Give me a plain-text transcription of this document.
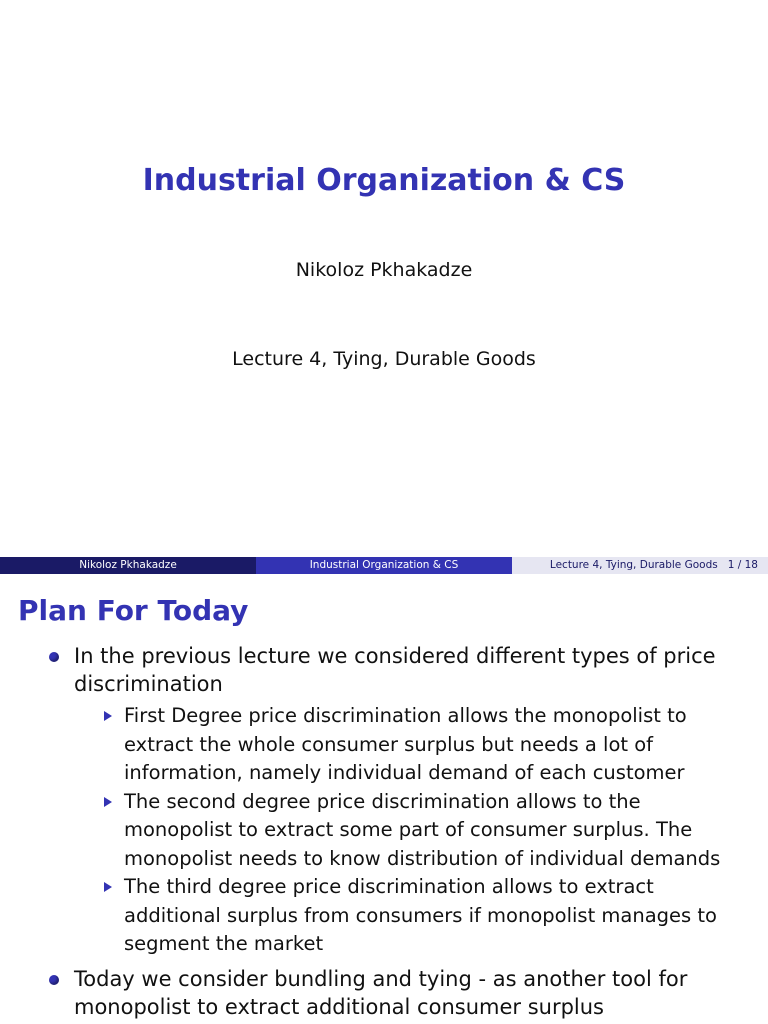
Industrial Organization & CS
Nikoloz Pkhakadze
Lecture 4, Tying, Durable Goods
Nikoloz Pkhakadze	Industrial Organization & CS	Lecture 4, Tying, Durable Goods 1 / 18
Plan For Today
In the previous lecture we considered different types of price discrimination
First Degree price discrimination allows the monopolist to extract the whole consumer surplus but needs a lot of information, namely individual demand of each customer
The second degree price discrimination allows to the monopolist to extract some part of consumer surplus. The monopolist needs to know distribution of individual demands
The third degree price discrimination allows to extract additional surplus from consumers if monopolist manages to segment the market
Today we consider bundling and tying - as another tool for monopolist to extract additional consumer surplus
